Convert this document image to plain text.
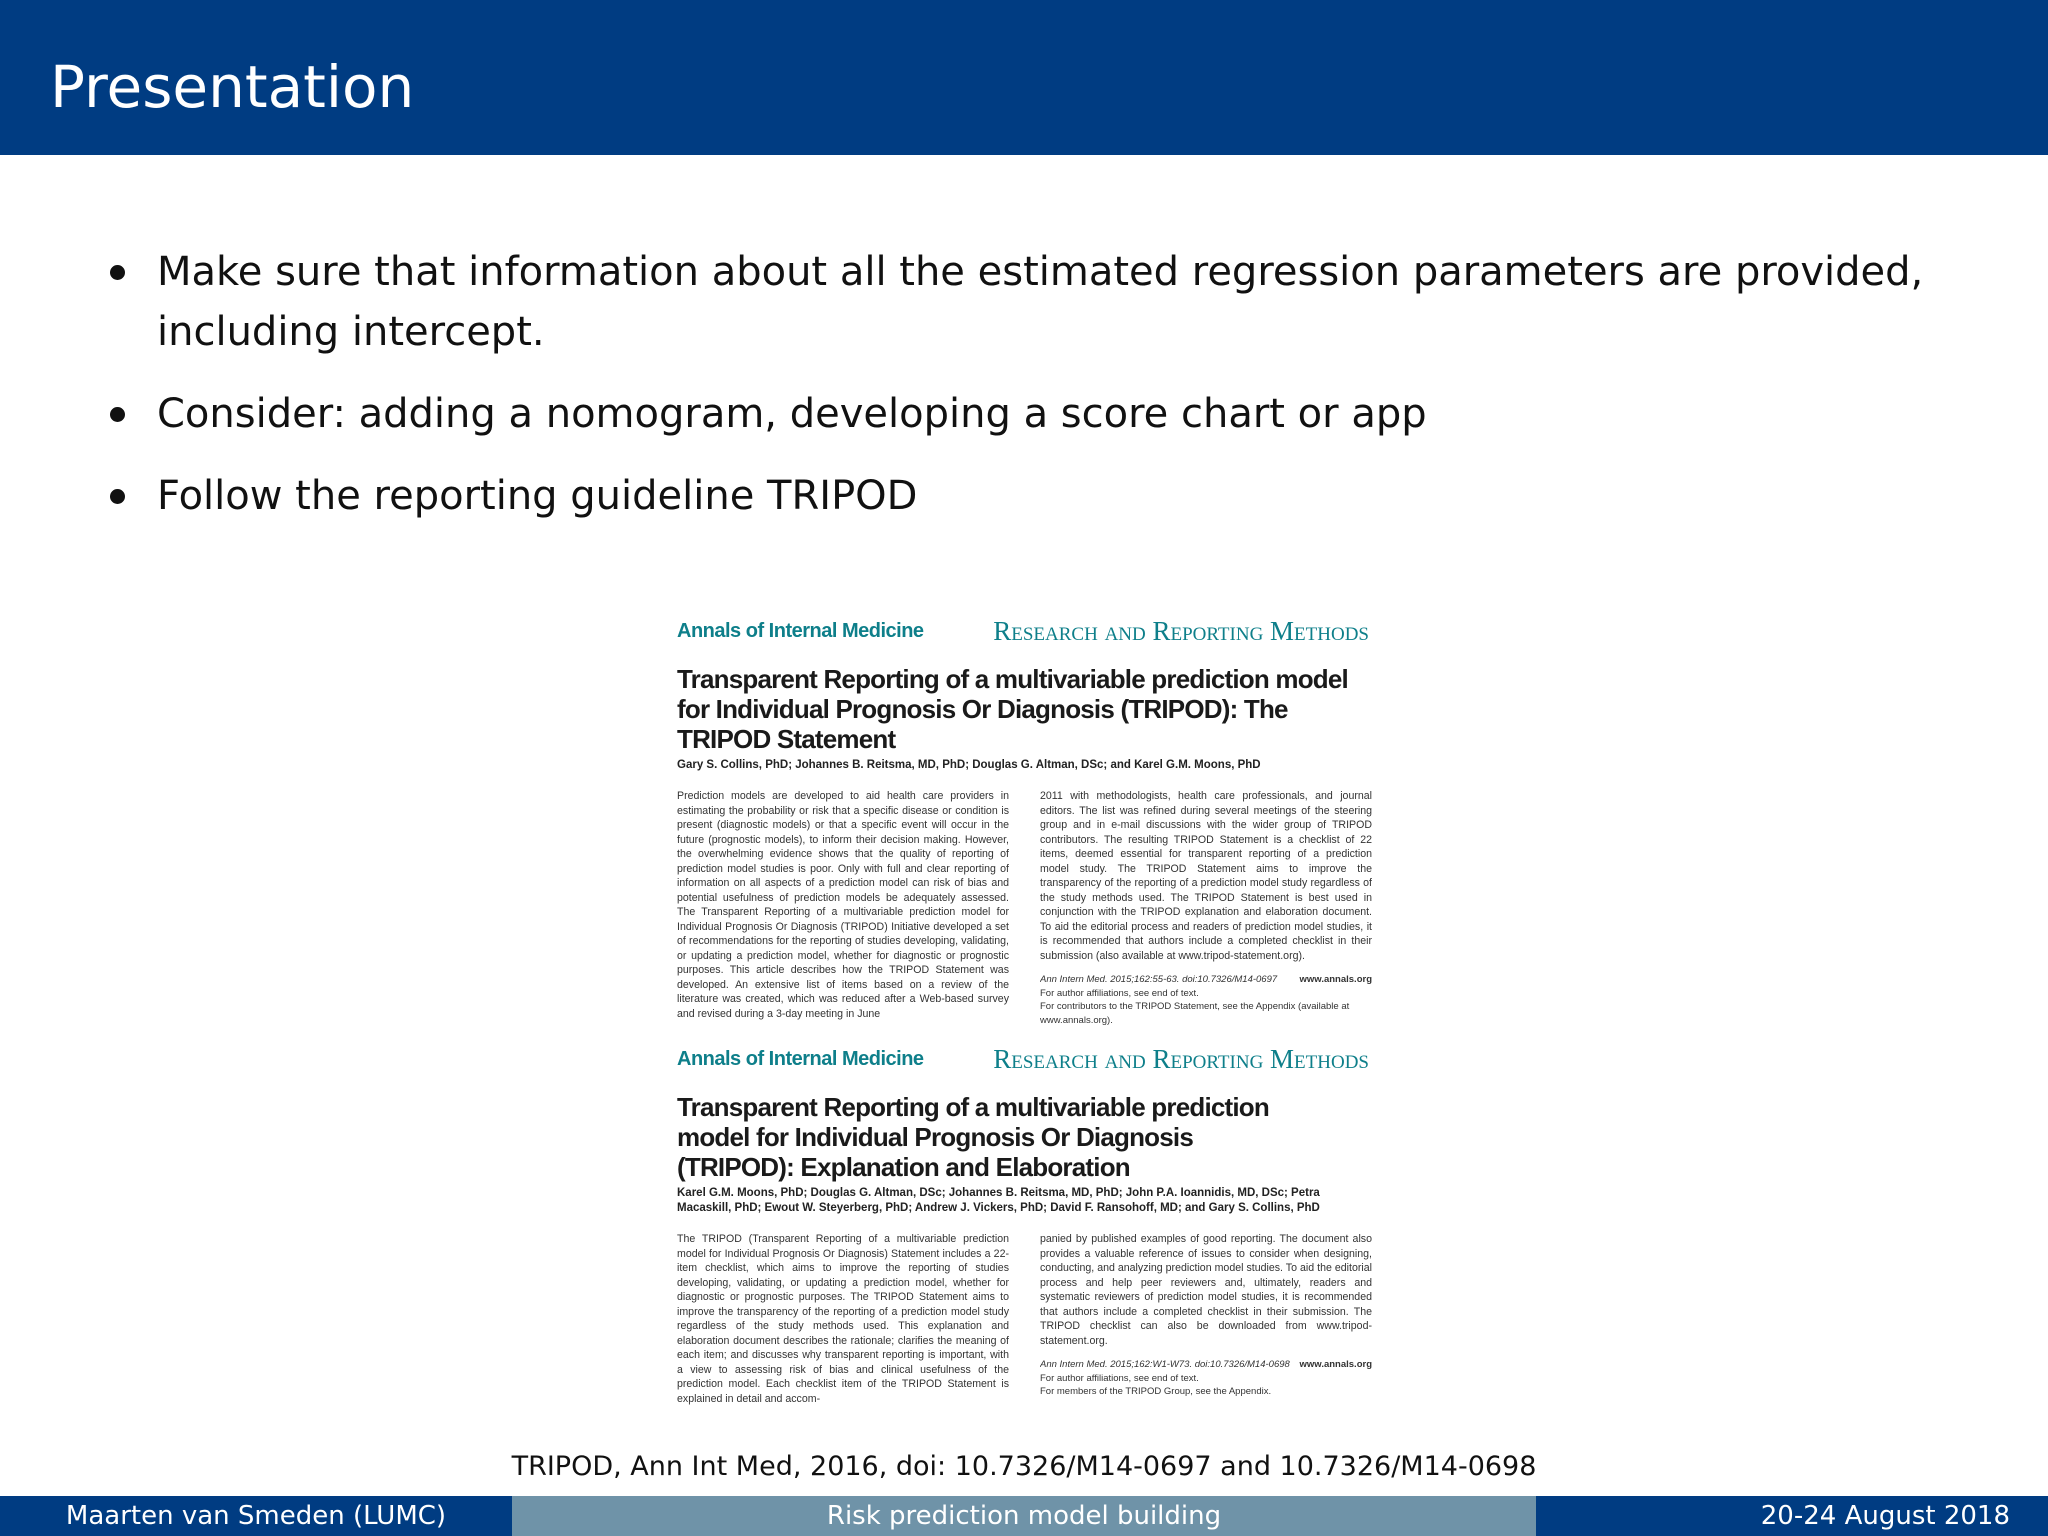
Presentation
Make sure that information about all the estimated regression parameters are provided, including intercept.
Consider: adding a nomogram, developing a score chart or app
Follow the reporting guideline TRIPOD
Annals of Internal Medicine	Research and Reporting Methods
Transparent Reporting of a multivariable prediction model for Individual Prognosis Or Diagnosis (TRIPOD): The TRIPOD Statement
Gary S. Collins, PhD; Johannes B. Reitsma, MD, PhD; Douglas G. Altman, DSc; and Karel G.M. Moons, PhD
Prediction models are developed to aid health care providers in estimating the probability or risk that a specific disease or condition is present (diagnostic models) or that a specific event will occur in the future (prognostic models), to inform their decision making. However, the overwhelming evidence shows that the quality of reporting of prediction model studies is poor. Only with full and clear reporting of information on all aspects of a prediction model can risk of bias and potential usefulness of prediction models be adequately assessed. The Transparent Reporting of a multivariable prediction model for Individual Prognosis Or Diagnosis (TRIPOD) Initiative developed a set of recommendations for the reporting of studies developing, validating, or updating a prediction model, whether for diagnostic or prognostic purposes. This article describes how the TRIPOD Statement was developed. An extensive list of items based on a review of the literature was created, which was reduced after a Web-based survey and revised during a 3-day meeting in June
2011 with methodologists, health care professionals, and journal editors. The list was refined during several meetings of the steering group and in e-mail discussions with the wider group of TRIPOD contributors. The resulting TRIPOD Statement is a checklist of 22 items, deemed essential for transparent reporting of a prediction model study. The TRIPOD Statement aims to improve the transparency of the reporting of a prediction model study regardless of the study methods used. The TRIPOD Statement is best used in conjunction with the TRIPOD explanation and elaboration document. To aid the editorial process and readers of prediction model studies, it is recommended that authors include a completed checklist in their submission (also available at www.tripod-statement.org).
Ann Intern Med. 2015;162:55-63. doi:10.7326/M14-0697 www.annals.org
For author affiliations, see end of text.
For contributors to the TRIPOD Statement, see the Appendix (available at www.annals.org).
Annals of Internal Medicine	Research and Reporting Methods
Transparent Reporting of a multivariable prediction model for Individual Prognosis Or Diagnosis (TRIPOD): Explanation and Elaboration
Karel G.M. Moons, PhD; Douglas G. Altman, DSc; Johannes B. Reitsma, MD, PhD; John P.A. Ioannidis, MD, DSc; Petra Macaskill, PhD; Ewout W. Steyerberg, PhD; Andrew J. Vickers, PhD; David F. Ransohoff, MD; and Gary S. Collins, PhD
The TRIPOD (Transparent Reporting of a multivariable prediction model for Individual Prognosis Or Diagnosis) Statement includes a 22-item checklist, which aims to improve the reporting of studies developing, validating, or updating a prediction model, whether for diagnostic or prognostic purposes. The TRIPOD Statement aims to improve the transparency of the reporting of a prediction model study regardless of the study methods used. This explanation and elaboration document describes the rationale; clarifies the meaning of each item; and discusses why transparent reporting is important, with a view to assessing risk of bias and clinical usefulness of the prediction model. Each checklist item of the TRIPOD Statement is explained in detail and accom-
panied by published examples of good reporting. The document also provides a valuable reference of issues to consider when designing, conducting, and analyzing prediction model studies. To aid the editorial process and help peer reviewers and, ultimately, readers and systematic reviewers of prediction model studies, it is recommended that authors include a completed checklist in their submission. The TRIPOD checklist can also be downloaded from www.tripod-statement.org.
Ann Intern Med. 2015;162:W1-W73. doi:10.7326/M14-0698 www.annals.org
For author affiliations, see end of text.
For members of the TRIPOD Group, see the Appendix.
TRIPOD, Ann Int Med, 2016, doi: 10.7326/M14-0697 and 10.7326/M14-0698
Maarten van Smeden (LUMC)	Risk prediction model building	20-24 August 2018
